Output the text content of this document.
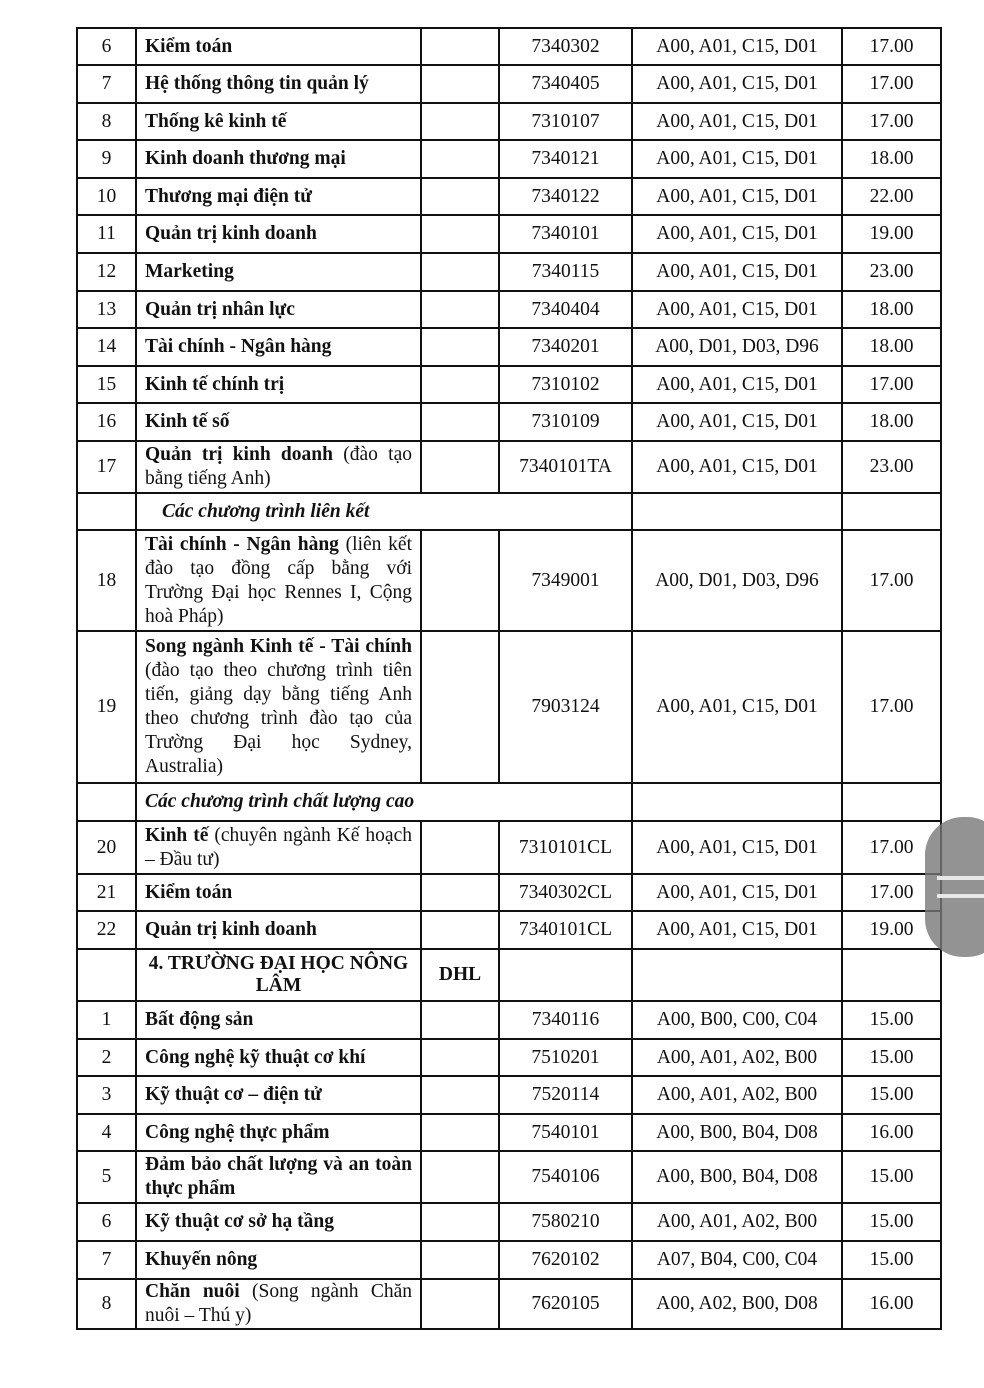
6	Kiểm toán		7340302	A00, A01, C15, D01	17.00
7	Hệ thống thông tin quản lý		7340405	A00, A01, C15, D01	17.00
8	Thống kê kinh tế		7310107	A00, A01, C15, D01	17.00
9	Kinh doanh thương mại		7340121	A00, A01, C15, D01	18.00
10	Thương mại điện tử		7340122	A00, A01, C15, D01	22.00
11	Quản trị kinh doanh		7340101	A00, A01, C15, D01	19.00
12	Marketing		7340115	A00, A01, C15, D01	23.00
13	Quản trị nhân lực		7340404	A00, A01, C15, D01	18.00
14	Tài chính - Ngân hàng		7340201	A00, D01, D03, D96	18.00
15	Kinh tế chính trị		7310102	A00, A01, C15, D01	17.00
16	Kinh tế số		7310109	A00, A01, C15, D01	18.00
17	Quản trị kinh doanh (đào tạo bằng tiếng Anh)		7340101TA	A00, A01, C15, D01	23.00
	Các chương trình liên kết				
18	Tài chính - Ngân hàng (liên kết đào tạo đồng cấp bằng với Trường Đại học Rennes I, Cộng hoà Pháp)		7349001	A00, D01, D03, D96	17.00
19	Song ngành Kinh tế - Tài chính (đào tạo theo chương trình tiên tiến, giảng dạy bằng tiếng Anh theo chương trình đào tạo của Trường Đại học Sydney, Australia)		7903124	A00, A01, C15, D01	17.00
	Các chương trình chất lượng cao				
20	Kinh tế (chuyên ngành Kế hoạch – Đầu tư)		7310101CL	A00, A01, C15, D01	17.00
21	Kiểm toán		7340302CL	A00, A01, C15, D01	17.00
22	Quản trị kinh doanh		7340101CL	A00, A01, C15, D01	19.00
	4. TRƯỜNG ĐẠI HỌC NÔNG LÂM	DHL			
1	Bất động sản		7340116	A00, B00, C00, C04	15.00
2	Công nghệ kỹ thuật cơ khí		7510201	A00, A01, A02, B00	15.00
3	Kỹ thuật cơ – điện tử		7520114	A00, A01, A02, B00	15.00
4	Công nghệ thực phẩm		7540101	A00, B00, B04, D08	16.00
5	Đảm bảo chất lượng và an toàn thực phẩm		7540106	A00, B00, B04, D08	15.00
6	Kỹ thuật cơ sở hạ tầng		7580210	A00, A01, A02, B00	15.00
7	Khuyến nông		7620102	A07, B04, C00, C04	15.00
8	Chăn nuôi (Song ngành Chăn nuôi – Thú y)		7620105	A00, A02, B00, D08	16.00
